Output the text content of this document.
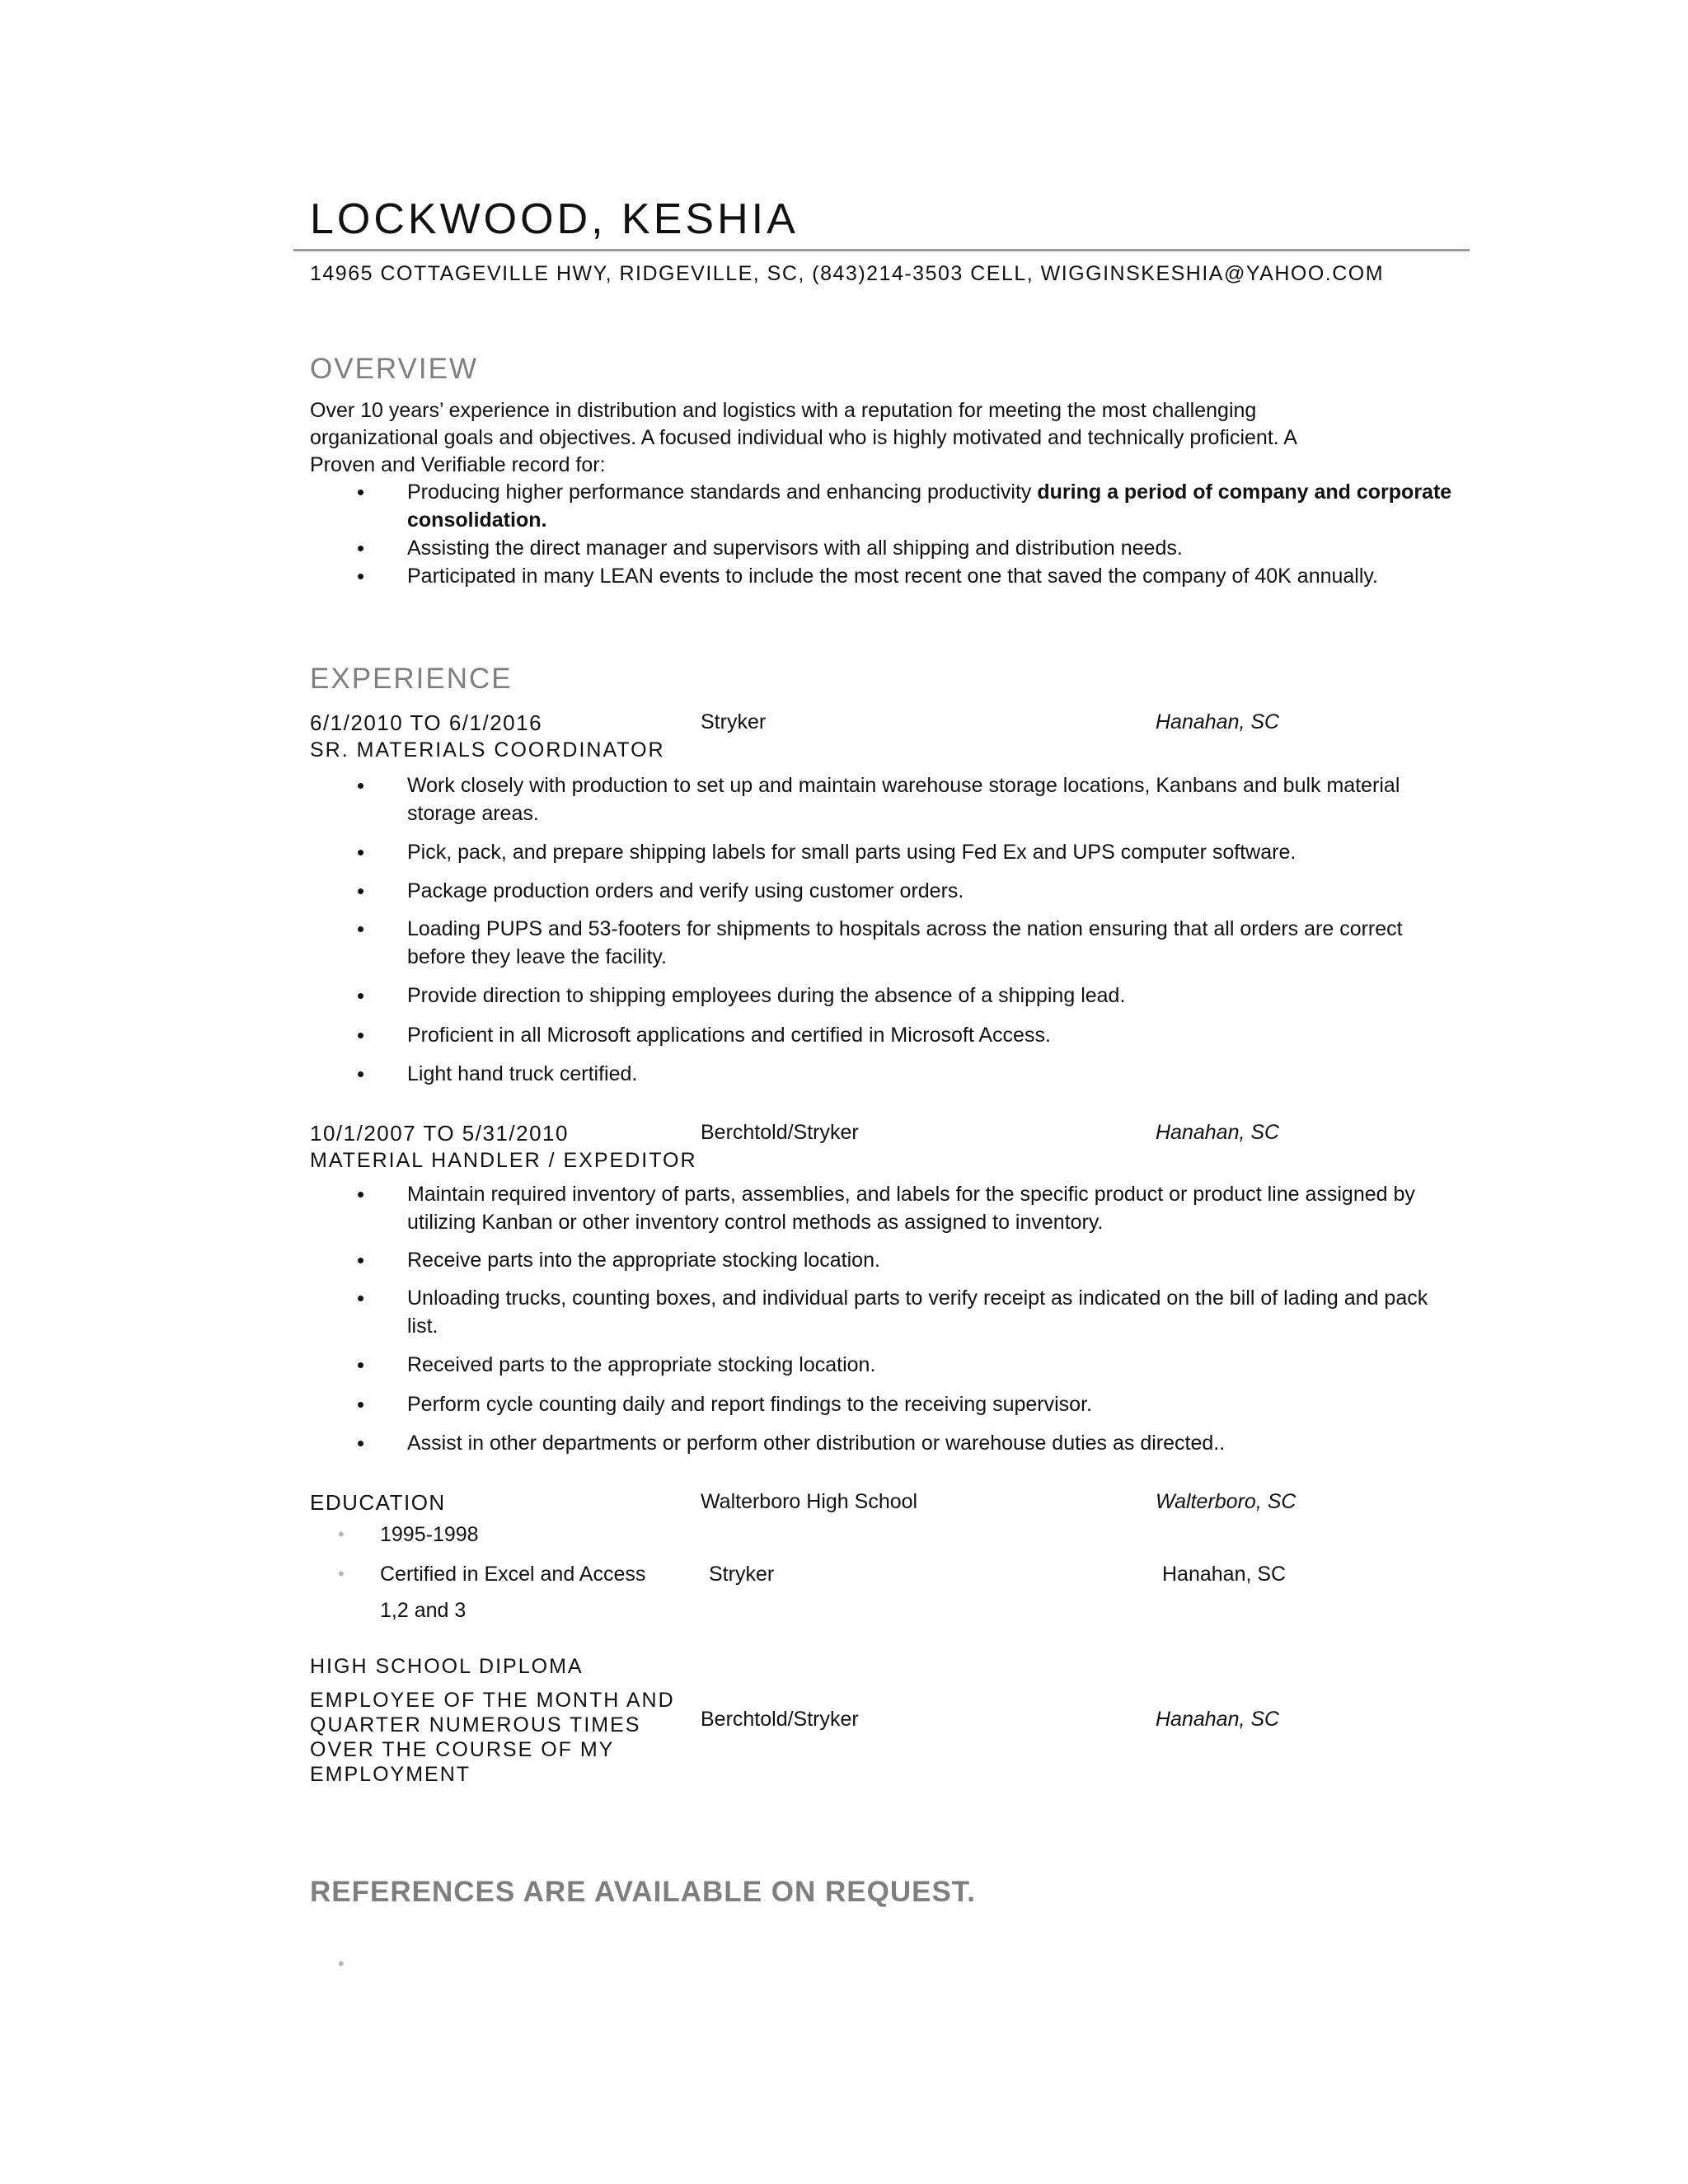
LOCKWOOD, KESHIA
14965 COTTAGEVILLE HWY, RIDGEVILLE, SC, (843)214-3503 CELL, WIGGINSKESHIA@YAHOO.COM
OVERVIEW
Over 10 years’ experience in distribution and logistics with a reputation for meeting the most challenging
organizational goals and objectives. A focused individual who is highly motivated and technically proficient. A
Proven and Verifiable record for:
• Producing higher performance standards and enhancing productivity during a period of company and corporate consolidation.
• Assisting the direct manager and supervisors with all shipping and distribution needs.
• Participated in many LEAN events to include the most recent one that saved the company of 40K annually.
EXPERIENCE
6/1/2010 TO 6/1/2016	Stryker	Hanahan, SC
SR. MATERIALS COORDINATOR
• Work closely with production to set up and maintain warehouse storage locations, Kanbans and bulk material storage areas.
• Pick, pack, and prepare shipping labels for small parts using Fed Ex and UPS computer software.
• Package production orders and verify using customer orders.
• Loading PUPS and 53-footers for shipments to hospitals across the nation ensuring that all orders are correct before they leave the facility.
• Provide direction to shipping employees during the absence of a shipping lead.
• Proficient in all Microsoft applications and certified in Microsoft Access.
• Light hand truck certified.
10/1/2007 TO 5/31/2010	Berchtold/Stryker	Hanahan, SC
MATERIAL HANDLER / EXPEDITOR
• Maintain required inventory of parts, assemblies, and labels for the specific product or product line assigned by utilizing Kanban or other inventory control methods as assigned to inventory.
• Receive parts into the appropriate stocking location.
• Unloading trucks, counting boxes, and individual parts to verify receipt as indicated on the bill of lading and pack list.
• Received parts to the appropriate stocking location.
• Perform cycle counting daily and report findings to the receiving supervisor.
• Assist in other departments or perform other distribution or warehouse duties as directed..
EDUCATION	Walterboro High School	Walterboro, SC
• 1995-1998
• Certified in Excel and Access	Stryker	Hanahan, SC
1,2 and 3
HIGH SCHOOL DIPLOMA
EMPLOYEE OF THE MONTH AND
QUARTER NUMEROUS TIMES
OVER THE COURSE OF MY
EMPLOYMENT
Berchtold/Stryker	Hanahan, SC
REFERENCES ARE AVAILABLE ON REQUEST.
•
